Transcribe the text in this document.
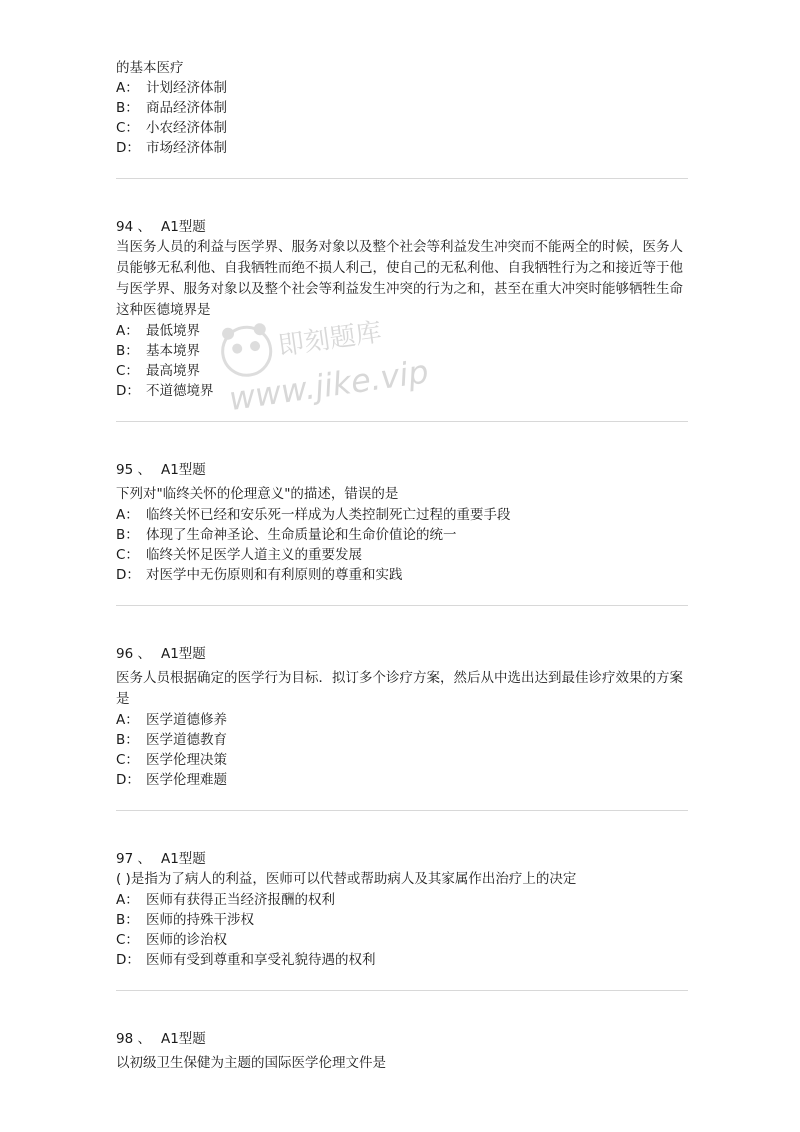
的基本医疗
A： 计划经济体制
B： 商品经济体制
C： 小农经济体制
D： 市场经济体制
94 、 A1型题
当医务人员的利益与医学界、服务对象以及整个社会等利益发生冲突而不能两全的时候，医务人员能够无私利他、自我牺牲而绝不损人利己，使自己的无私利他、自我牺牲行为之和接近等于他与医学界、服务对象以及整个社会等利益发生冲突的行为之和，甚至在重大冲突时能够牺牲生命这种医德境界是
A： 最低境界
B： 基本境界
C： 最高境界
D： 不道德境界
95 、 A1型题
下列对"临终关怀的伦理意义"的描述，错误的是
A： 临终关怀已经和安乐死一样成为人类控制死亡过程的重要手段
B： 体现了生命神圣论、生命质量论和生命价值论的统一
C： 临终关怀足医学人道主义的重要发展
D： 对医学中无伤原则和有利原则的尊重和实践
96 、 A1型题
医务人员根据确定的医学行为目标．拟订多个诊疗方案，然后从中选出达到最佳诊疗效果的方案是
A： 医学道德修养
B： 医学道德教育
C： 医学伦理决策
D： 医学伦理难题
97 、 A1型题
( )是指为了病人的利益，医师可以代替或帮助病人及其家属作出治疗上的决定
A： 医师有获得正当经济报酬的权利
B： 医师的持殊干涉权
C： 医师的诊治权
D： 医师有受到尊重和享受礼貌待遇的权利
98 、 A1型题
以初级卫生保健为主题的国际医学伦理文件是
即刻题库
www.jike.vip
